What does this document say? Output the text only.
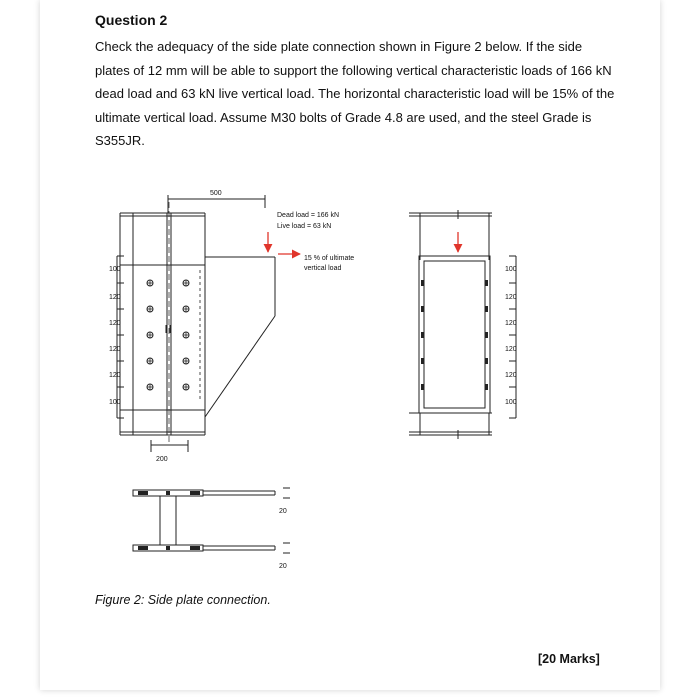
Question 2

Check the adequacy of the side plate connection shown in Figure 2 below. If the side plates of 12 mm will be able to support the following vertical characteristic loads of 166 kN dead load and 63 kN live vertical load. The horizontal characteristic load will be 15% of the ultimate vertical load. Assume M30 bolts of Grade 4.8 are used, and the steel Grade is S355JR.

500
Dead load = 166 kN
Live load = 63 kN
15 % of ultimate
vertical load
100
120
120
120
120
100
200
100
120
120
120
120
100
20
20
Figure 2: Side plate connection.
[20 Marks]
